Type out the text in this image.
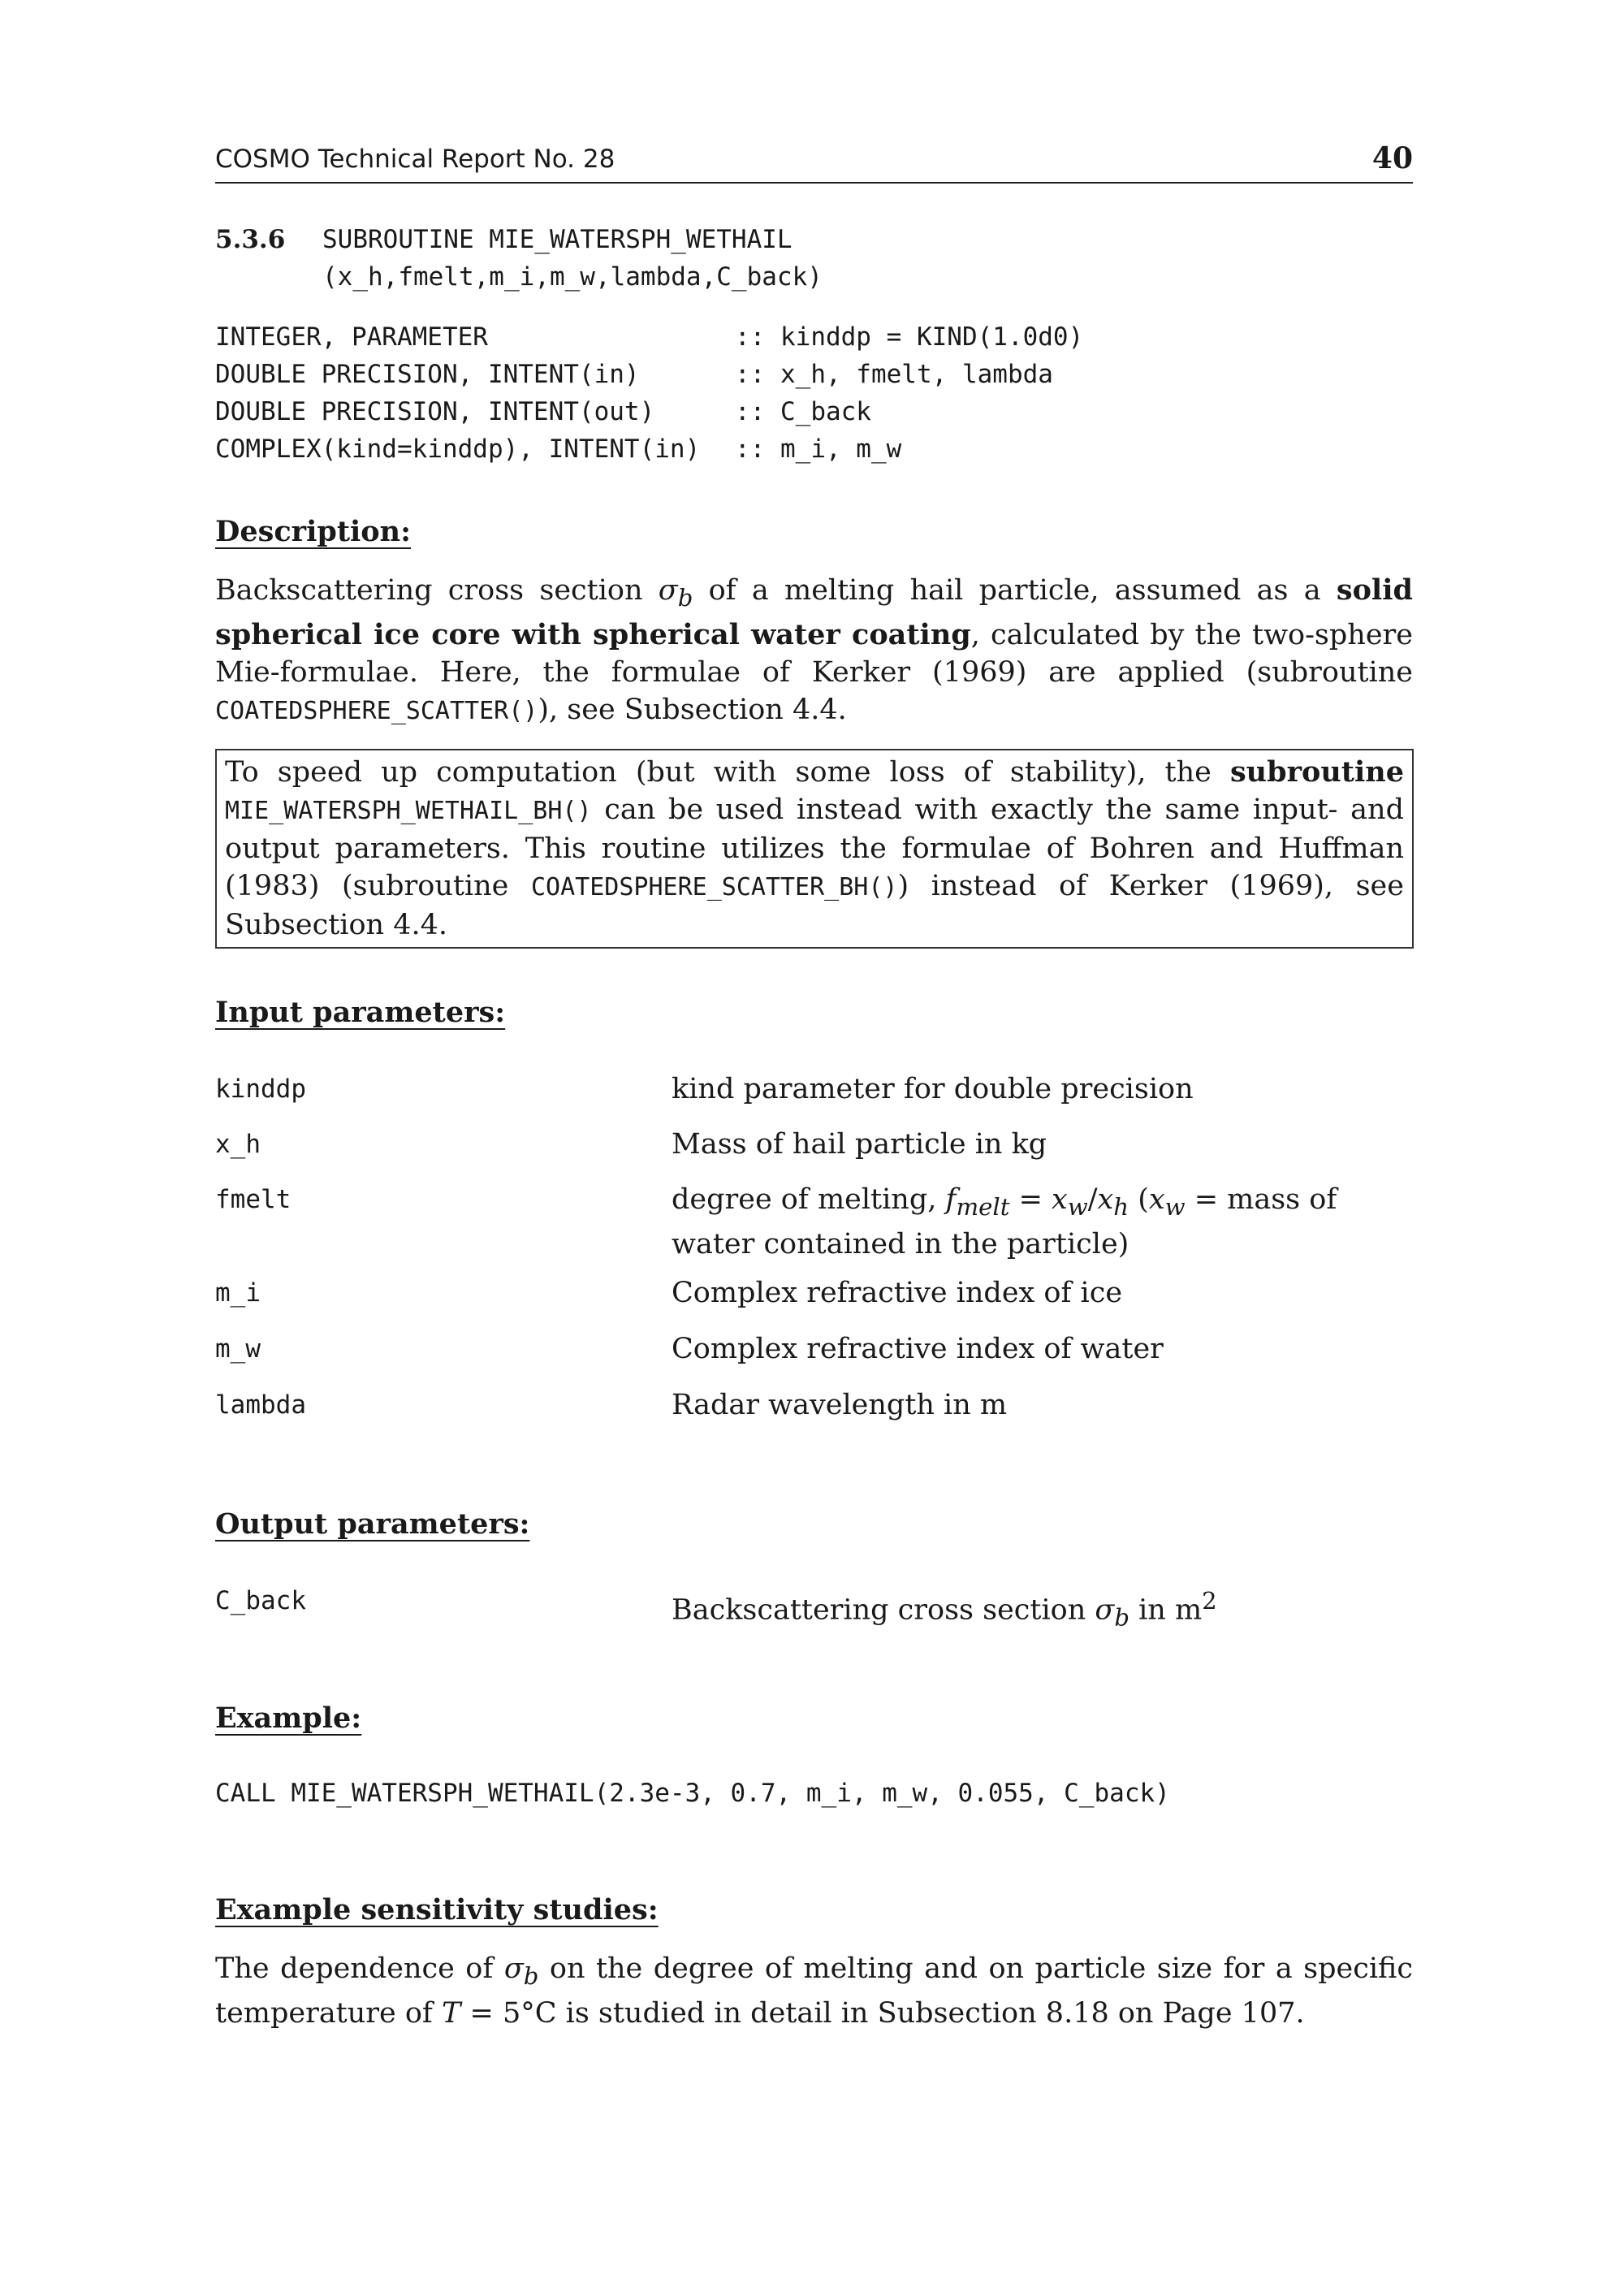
COSMO Technical Report No. 28	40
5.3.6 SUBROUTINE MIE_WATERSPH_WETHAIL
(x_h,fmelt,m_i,m_w,lambda,C_back)
INTEGER, PARAMETER	:: kinddp = KIND(1.0d0)
DOUBLE PRECISION, INTENT(in)	:: x_h, fmelt, lambda
DOUBLE PRECISION, INTENT(out)	:: C_back
COMPLEX(kind=kinddp), INTENT(in)	:: m_i, m_w
Description:
Backscattering cross section $\sigma_b$ of a melting hail particle, assumed as a solid spherical ice core with spherical water coating, calculated by the two-sphere Mie-formulae. Here, the formulae of Kerker (1969) are applied (subroutine COATEDSPHERE_SCATTER()), see Subsection 4.4.
To speed up computation (but with some loss of stability), the subroutine MIE_WATERSPH_WETHAIL_BH() can be used instead with exactly the same input- and output parameters. This routine utilizes the formulae of Bohren and Huffman (1983) (subroutine COATEDSPHERE_SCATTER_BH()) instead of Kerker (1969), see Subsection 4.4.
Input parameters:
kinddp	kind parameter for double precision
x_h	Mass of hail particle in kg
fmelt	degree of melting, $f_{melt} = x_w/x_h$ ($x_w$ = mass of water contained in the particle)
m_i	Complex refractive index of ice
m_w	Complex refractive index of water
lambda	Radar wavelength in m
Output parameters:
C_back	Backscattering cross section $\sigma_b$ in $m^2$
Example:
CALL MIE_WATERSPH_WETHAIL(2.3e-3, 0.7, m_i, m_w, 0.055, C_back)
Example sensitivity studies:
The dependence of $\sigma_b$ on the degree of melting and on particle size for a specific temperature of T = 5°C is studied in detail in Subsection 8.18 on Page 107.
